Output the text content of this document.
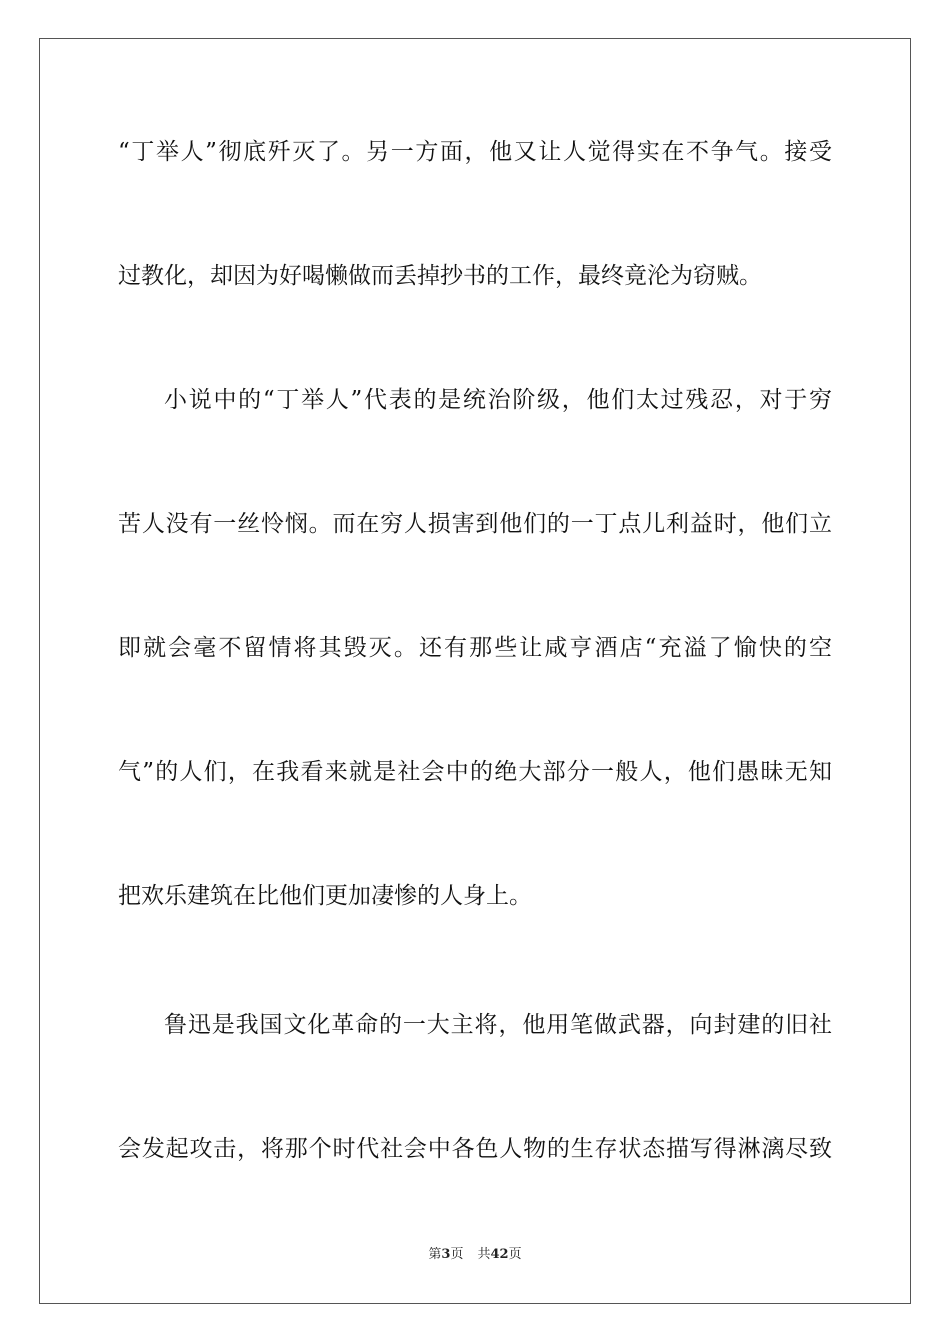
“丁举人”彻底歼灭了。另一方面，他又让人觉得实在不争气。接受
过教化，却因为好喝懒做而丢掉抄书的工作，最终竟沦为窃贼。
小说中的“丁举人”代表的是统治阶级，他们太过残忍，对于穷
苦人没有一丝怜悯。而在穷人损害到他们的一丁点儿利益时，他们立
即就会毫不留情将其毁灭。还有那些让咸亨酒店“充溢了愉快的空
气”的人们，在我看来就是社会中的绝大部分一般人，他们愚昧无知
把欢乐建筑在比他们更加凄惨的人身上。
鲁迅是我国文化革命的一大主将，他用笔做武器，向封建的旧社
会发起攻击，将那个时代社会中各色人物的生存状态描写得淋漓尽致
第3页 共42页
